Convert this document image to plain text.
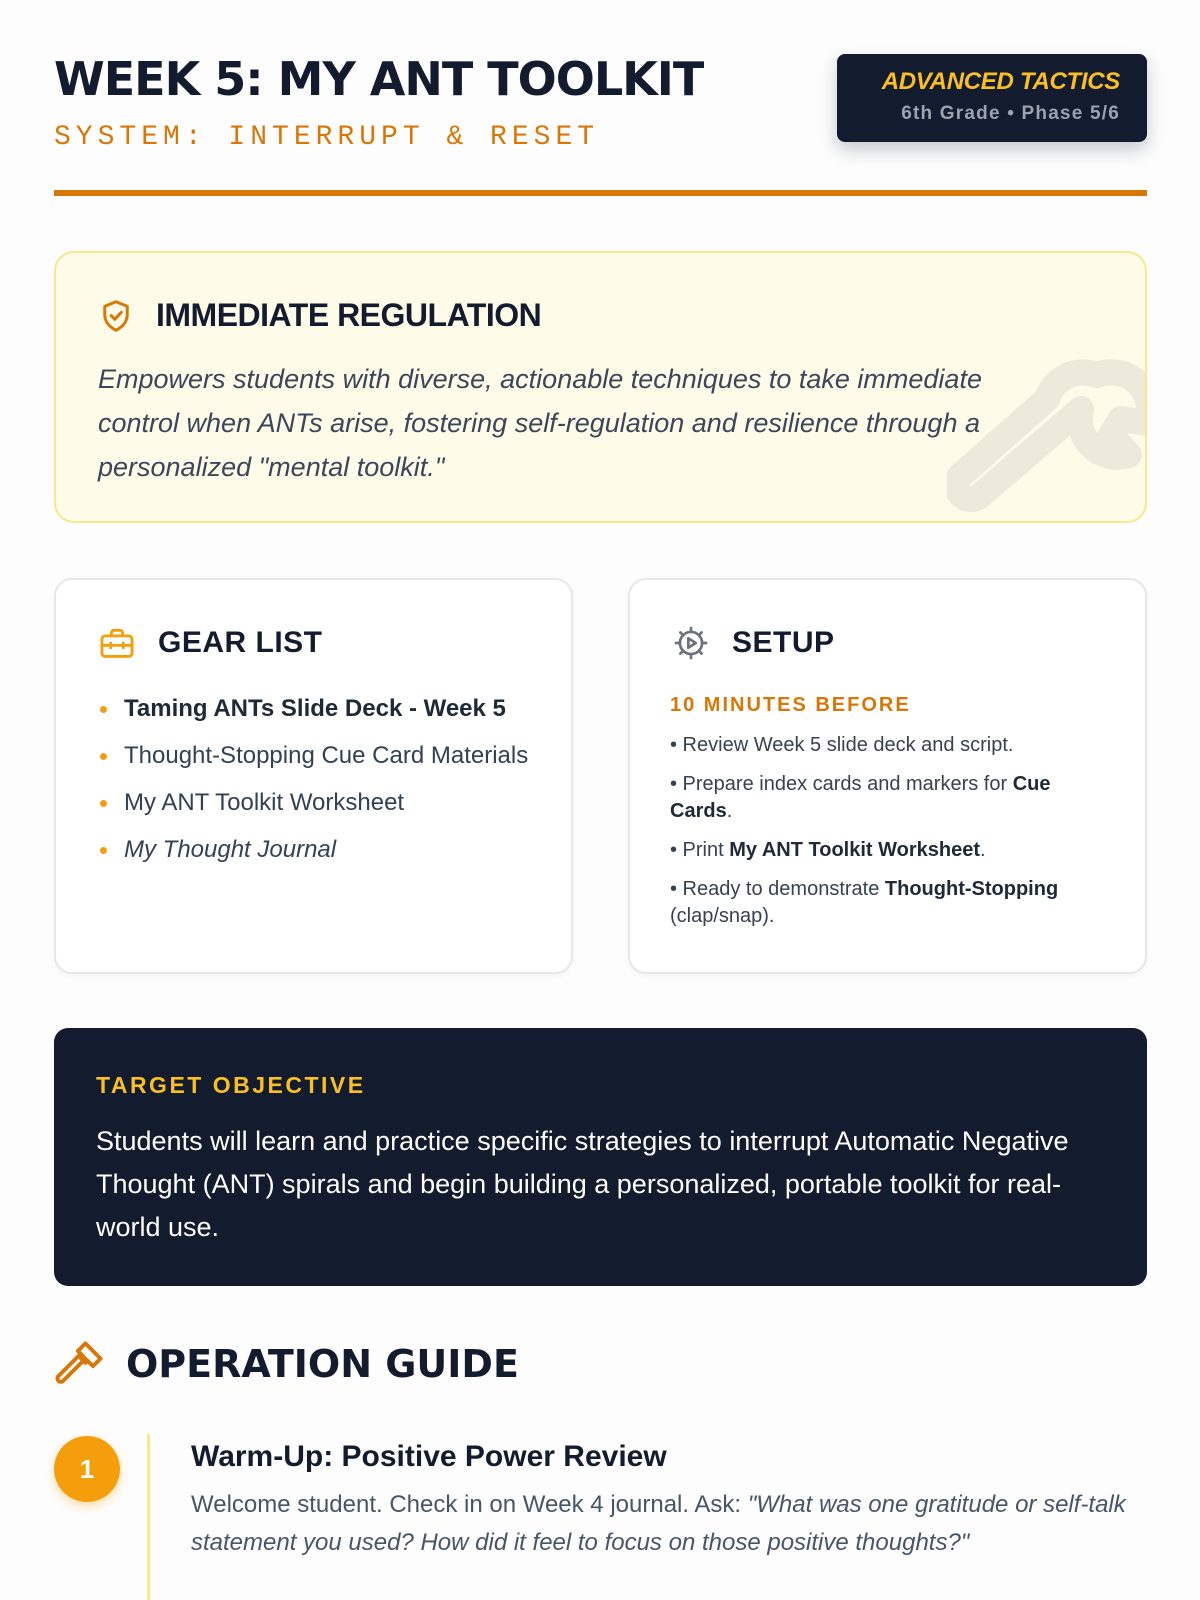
WEEK 5: MY ANT TOOLKIT
SYSTEM: INTERRUPT & RESET
ADVANCED TACTICS
6th Grade • Phase 5/6
IMMEDIATE REGULATION

Empowers students with diverse, actionable techniques to take immediate control when ANTs arise, fostering self-regulation and resilience through a personalized "mental toolkit."

GEAR LIST
Taming ANTs Slide Deck - Week 5
Thought-Stopping Cue Card Materials
My ANT Toolkit Worksheet
My Thought Journal
SETUP
10 MINUTES BEFORE
• Review Week 5 slide deck and script.
• Prepare index cards and markers for Cue Cards.
• Print My ANT Toolkit Worksheet.
• Ready to demonstrate Thought-Stopping (clap/snap).
TARGET OBJECTIVE

Students will learn and practice specific strategies to interrupt Automatic Negative Thought (ANT) spirals and begin building a personalized, portable toolkit for real-world use.

OPERATION GUIDE
1	Warm-Up: Positive Power Review

Welcome student. Check in on Week 4 journal. Ask: "What was one gratitude or self-talk statement you used? How did it feel to focus on those positive thoughts?"
